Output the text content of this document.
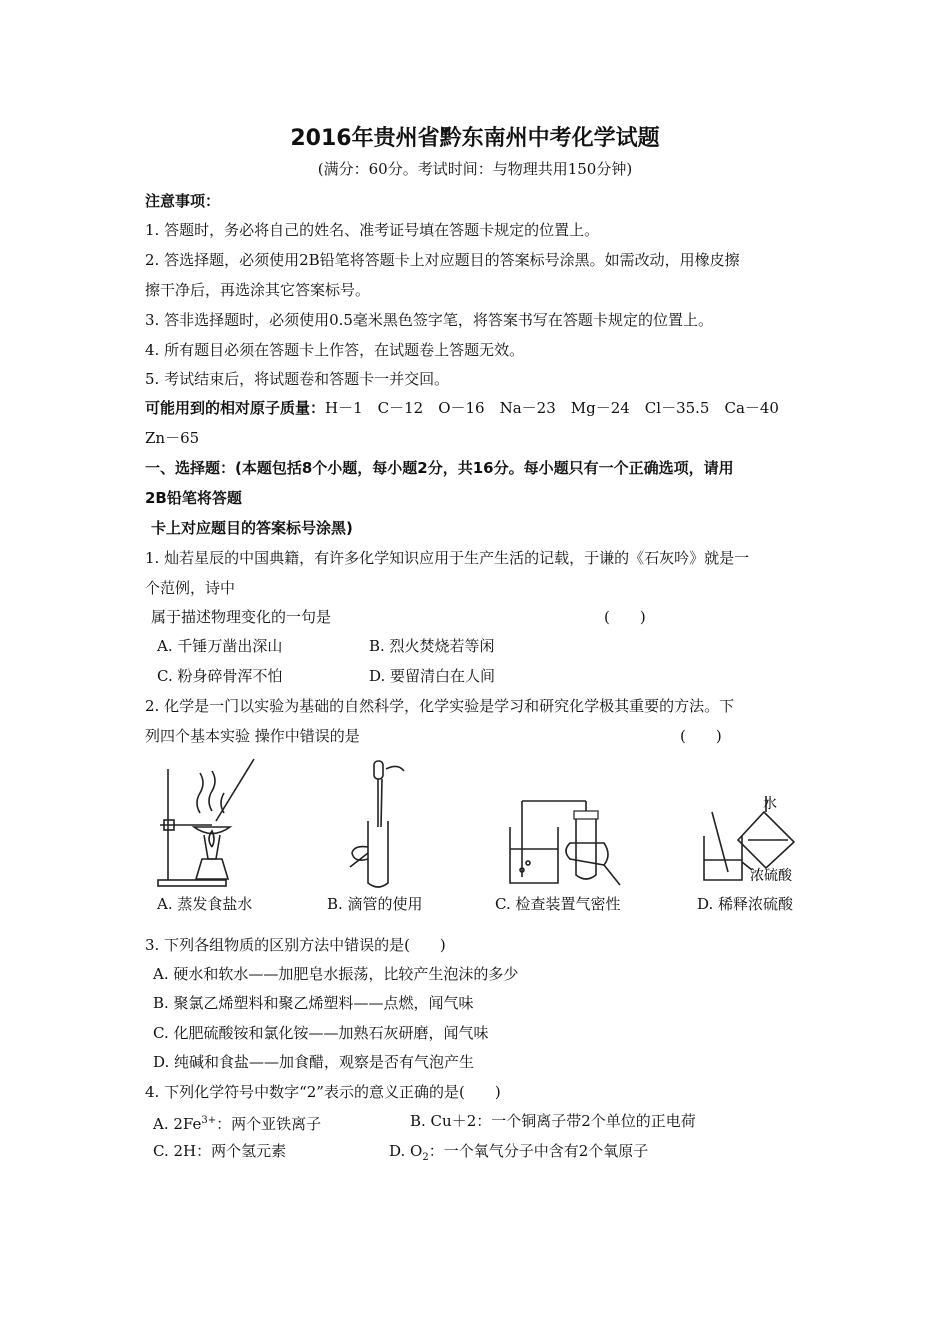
2016年贵州省黔东南州中考化学试题
(满分：60分。考试时间：与物理共用150分钟)
注意事项：
1. 答题时，务必将自己的姓名、准考证号填在答题卡规定的位置上。
2. 答选择题，必须使用2B铅笔将答题卡上对应题目的答案标号涂黑。如需改动，用橡皮擦
擦干净后，再选涂其它答案标号。
3. 答非选择题时，必须使用0.5毫米黑色签字笔，将答案书写在答题卡规定的位置上。
4. 所有题目必须在答题卡上作答，在试题卷上答题无效。
5. 考试结束后，将试题卷和答题卡一并交回。
可能用到的相对原子质量：H－1　C－12　O－16　Na－23　Mg－24　Cl－35.5　Ca－40
Zn－65
一、选择题：(本题包括8个小题，每小题2分，共16分。每小题只有一个正确选项，请用
2B铅笔将答题
卡上对应题目的答案标号涂黑)
1. 灿若星辰的中国典籍，有许多化学知识应用于生产生活的记载，于谦的《石灰吟》就是一
个范例，诗中
属于描述物理变化的一句是	(　　)
A. 千锤万凿出深山	B. 烈火焚烧若等闲
C. 粉身碎骨浑不怕	D. 要留清白在人间
2. 化学是一门以实验为基础的自然科学，化学实验是学习和研究化学极其重要的方法。下
列四个基本实验 操作中错误的是	(　　)
水
浓硫酸
A. 蒸发食盐水	B. 滴管的使用	C. 检查装置气密性	D. 稀释浓硫酸
3. 下列各组物质的区别方法中错误的是(　　)
A. 硬水和软水——加肥皂水振荡，比较产生泡沫的多少
B. 聚氯乙烯塑料和聚乙烯塑料——点燃，闻气味
C. 化肥硫酸铵和氯化铵——加熟石灰研磨，闻气味
D. 纯碱和食盐——加食醋，观察是否有气泡产生
4. 下列化学符号中数字“2”表示的意义正确的是(　　)
A. $2Fe^{3+}$：两个亚铁离子	B. Cu＋2：一个铜离子带2个单位的正电荷
C. 2H：两个氢元素	D. $O_2$：一个氧气分子中含有2个氧原子
